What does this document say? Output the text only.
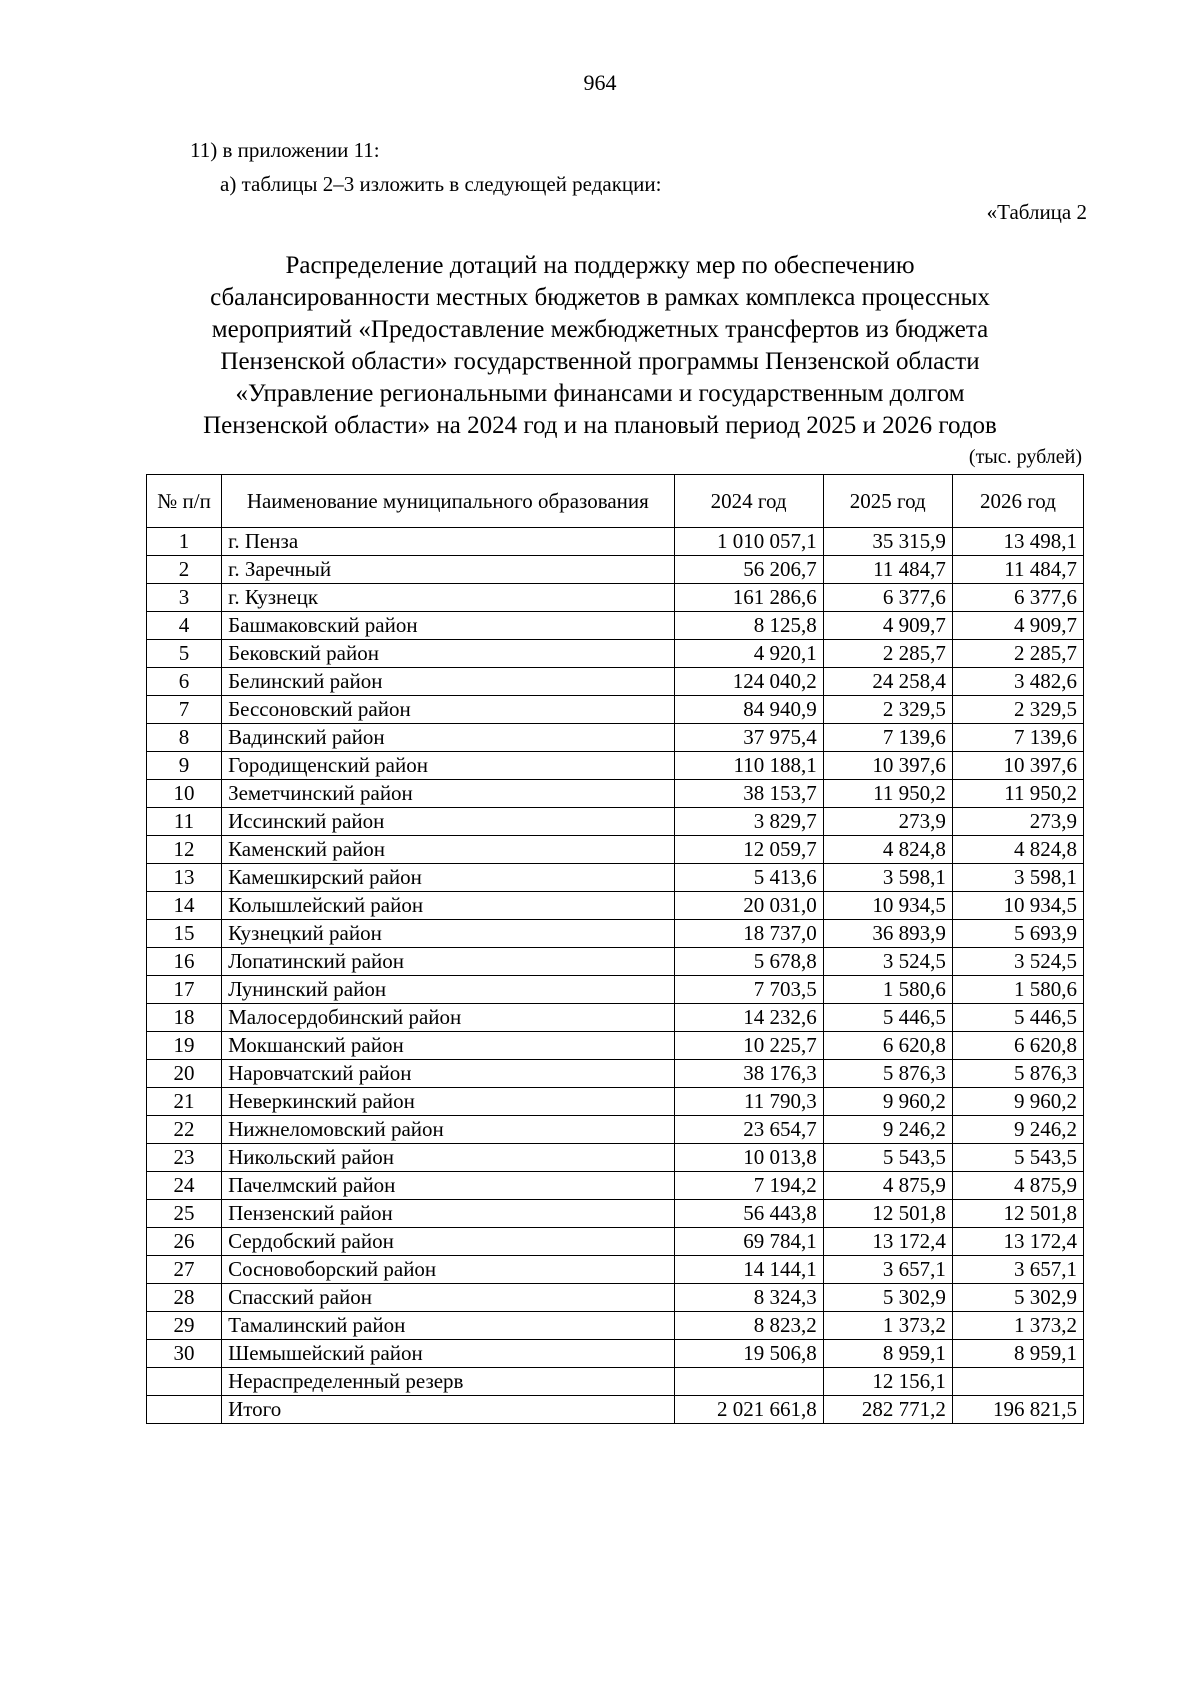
964
11) в приложении 11:
а) таблицы 2–3 изложить в следующей редакции:
«Таблица 2
Распределение дотаций на поддержку мер по обеспечению
сбалансированности местных бюджетов в рамках комплекса процессных
мероприятий «Предоставление межбюджетных трансфертов из бюджета
Пензенской области» государственной программы Пензенской области
«Управление региональными финансами и государственным долгом
Пензенской области» на 2024 год и на плановый период 2025 и 2026 годов
(тыс. рублей)
№ п/п	Наименование муниципального образования	2024 год	2025 год	2026 год
1	г. Пенза	1 010 057,1	35 315,9	13 498,1
2	г. Заречный	56 206,7	11 484,7	11 484,7
3	г. Кузнецк	161 286,6	6 377,6	6 377,6
4	Башмаковский район	8 125,8	4 909,7	4 909,7
5	Бековский район	4 920,1	2 285,7	2 285,7
6	Белинский район	124 040,2	24 258,4	3 482,6
7	Бессоновский район	84 940,9	2 329,5	2 329,5
8	Вадинский район	37 975,4	7 139,6	7 139,6
9	Городищенский район	110 188,1	10 397,6	10 397,6
10	Земетчинский район	38 153,7	11 950,2	11 950,2
11	Иссинский район	3 829,7	273,9	273,9
12	Каменский район	12 059,7	4 824,8	4 824,8
13	Камешкирский район	5 413,6	3 598,1	3 598,1
14	Колышлейский район	20 031,0	10 934,5	10 934,5
15	Кузнецкий район	18 737,0	36 893,9	5 693,9
16	Лопатинский район	5 678,8	3 524,5	3 524,5
17	Лунинский район	7 703,5	1 580,6	1 580,6
18	Малосердобинский район	14 232,6	5 446,5	5 446,5
19	Мокшанский район	10 225,7	6 620,8	6 620,8
20	Наровчатский район	38 176,3	5 876,3	5 876,3
21	Неверкинский район	11 790,3	9 960,2	9 960,2
22	Нижнеломовский район	23 654,7	9 246,2	9 246,2
23	Никольский район	10 013,8	5 543,5	5 543,5
24	Пачелмский район	7 194,2	4 875,9	4 875,9
25	Пензенский район	56 443,8	12 501,8	12 501,8
26	Сердобский район	69 784,1	13 172,4	13 172,4
27	Сосновоборский район	14 144,1	3 657,1	3 657,1
28	Спасский район	8 324,3	5 302,9	5 302,9
29	Тамалинский район	8 823,2	1 373,2	1 373,2
30	Шемышейский район	19 506,8	8 959,1	8 959,1
	Нераспределенный резерв		12 156,1	
	Итого	2 021 661,8	282 771,2	196 821,5
